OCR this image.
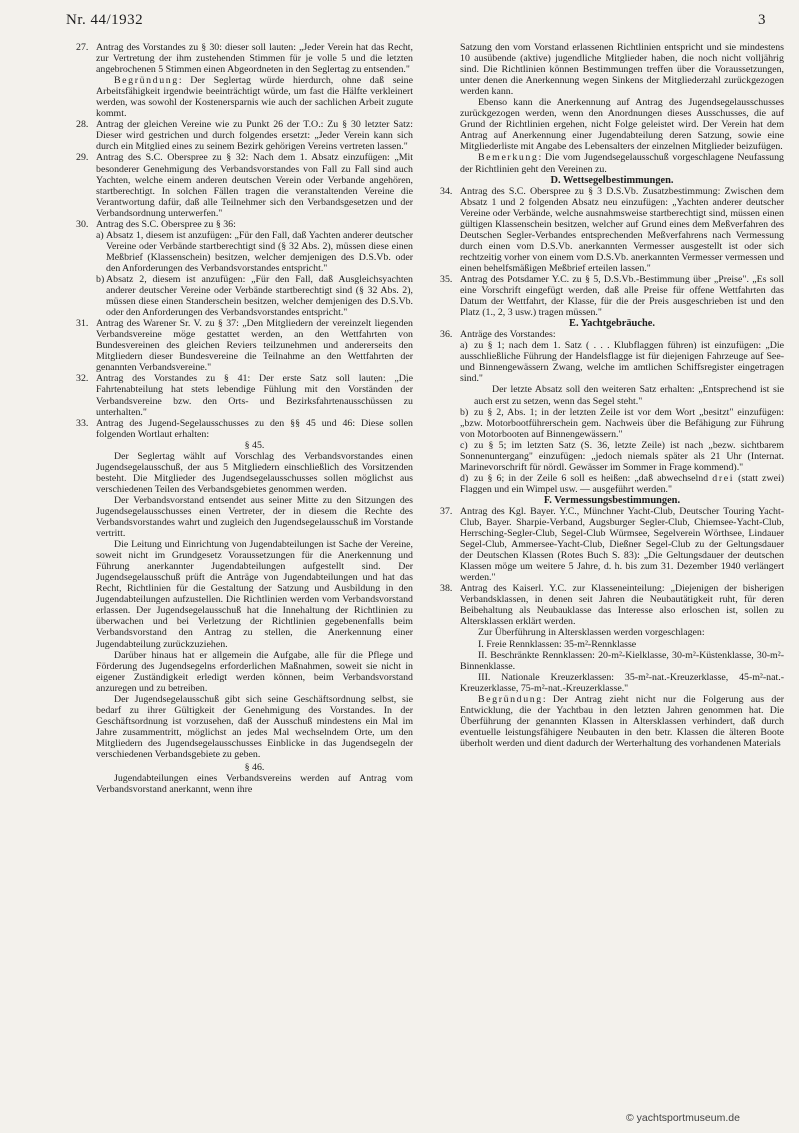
Nr. 44/1932	3

27. Antrag des Vorstandes zu § 30: dieser soll lauten: „Jeder Verein hat das Recht, zur Vertretung der ihm zustehenden Stimmen für je volle 5 und die letzten angebrochenen 5 Stimmen einen Abgeordneten in den Seglertag zu entsenden."

Begründung: Der Seglertag würde hierdurch, ohne daß seine Arbeitsfähigkeit irgendwie beeinträchtigt würde, um fast die Hälfte verkleinert werden, was sowohl der Kostenersparnis wie auch der sachlichen Arbeit zugute kommt.

28. Antrag der gleichen Vereine wie zu Punkt 26 der T.O.: Zu § 30 letzter Satz: Dieser wird gestrichen und durch folgendes ersetzt: „Jeder Verein kann sich durch ein Mitglied eines zu seinem Bezirk gehörigen Vereins vertreten lassen."

29. Antrag des S.C. Oberspree zu § 32: Nach dem 1. Absatz einzufügen: „Mit besonderer Genehmigung des Verbandsvorstandes von Fall zu Fall sind auch Yachten, welche einem anderen deutschen Verein oder Verbande angehören, startberechtigt. In solchen Fällen tragen die veranstaltenden Vereine die Verantwortung dafür, daß alle Teilnehmer sich den Verbandsgesetzen und der Verbandsordnung unterwerfen."

30. Antrag des S.C. Oberspree zu § 36:

a) Absatz 1, diesem ist anzufügen: „Für den Fall, daß Yachten anderer deutscher Vereine oder Verbände startberechtigt sind (§ 32 Abs. 2), müssen diese einen Meßbrief (Klassenschein) besitzen, welcher demjenigen des D.S.Vb. oder den Anforderungen des Verbandsvorstandes entspricht."

b) Absatz 2, diesem ist anzufügen: „Für den Fall, daß Ausgleichsyachten anderer deutscher Vereine oder Verbände startberechtigt sind (§ 32 Abs. 2), müssen diese einen Standerschein besitzen, welcher demjenigen des D.S.Vb. oder den Anforderungen des Verbandsvorstandes entspricht."

31. Antrag des Warener Sr. V. zu § 37: „Den Mitgliedern der vereinzelt liegenden Verbandsvereine möge gestattet werden, an den Wettfahrten von Bundesvereinen des gleichen Reviers teilzunehmen und andererseits den Mitgliedern dieser Bundesvereine die Teilnahme an den Wettfahrten der genannten Verbandsvereine."

32. Antrag des Vorstandes zu § 41: Der erste Satz soll lauten: „Die Fahrtenabteilung hat stets lebendige Fühlung mit den Vorständen der Verbandsvereine bzw. den Orts- und Bezirksfahrtenausschüssen zu unterhalten."

33. Antrag des Jugend-Segelausschusses zu den §§ 45 und 46: Diese sollen folgenden Wortlaut erhalten:

§ 45.

Der Seglertag wählt auf Vorschlag des Verbandsvorstandes einen Jugendsegelausschuß, der aus 5 Mitgliedern einschließlich des Vorsitzenden besteht. Die Mitglieder des Jugendsegelausschusses sollen möglichst aus verschiedenen Teilen des Verbandsgebietes genommen werden.

Der Verbandsvorstand entsendet aus seiner Mitte zu den Sitzungen des Jugendsegelausschusses einen Vertreter, der in diesem die Rechte des Verbandsvorstandes wahrt und zugleich den Jugendsegelausschuß im Vorstande vertritt.

Die Leitung und Einrichtung von Jugendabteilungen ist Sache der Vereine, soweit nicht im Grundgesetz Voraussetzungen für die Anerkennung und Führung anerkannter Jugendabteilungen aufgestellt sind. Der Jugendsegelausschuß prüft die Anträge von Jugendabteilungen und hat das Recht, Richtlinien für die Gestaltung der Satzung und Ausbildung in den Jugendabteilungen aufzustellen. Die Richtlinien werden vom Verbandsvorstand erlassen. Der Jugendsegelausschuß hat die Innehaltung der Richtlinien zu überwachen und bei Verletzung der Richtlinien gegebenenfalls beim Verbandsvorstand den Antrag zu stellen, die Anerkennung einer Jugendabteilung zurückzuziehen.

Darüber hinaus hat er allgemein die Aufgabe, alle für die Pflege und Förderung des Jugendsegelns erforderlichen Maßnahmen, soweit sie nicht in eigener Zuständigkeit erledigt werden können, beim Verbandsvorstand anzuregen und zu betreiben.

Der Jugendsegelausschuß gibt sich seine Geschäftsordnung selbst, sie bedarf zu ihrer Gültigkeit der Genehmigung des Vorstandes. In der Geschäftsordnung ist vorzusehen, daß der Ausschuß mindestens ein Mal im Jahre zusammentritt, möglichst an jedes Mal wechselndem Orte, um den Mitgliedern des Jugendsegelausschusses Einblicke in das Jugendsegeln der verschiedenen Verbandsgebiete zu geben.

§ 46.

Jugendabteilungen eines Verbandsvereins werden auf Antrag vom Verbandsvorstand anerkannt, wenn ihre

Satzung den vom Vorstand erlassenen Richtlinien entspricht und sie mindestens 10 ausübende (aktive) jugendliche Mitglieder haben, die noch nicht volljährig sind. Die Richtlinien können Bestimmungen treffen über die Voraussetzungen, unter denen die Anerkennung wegen Sinkens der Mitgliederzahl zurückgezogen werden kann.

Ebenso kann die Anerkennung auf Antrag des Jugendsegelausschusses zurückgezogen werden, wenn den Anordnungen dieses Ausschusses, die auf Grund der Richtlinien ergehen, nicht Folge geleistet wird. Der Verein hat dem Antrag auf Anerkennung einer Jugendabteilung deren Satzung, sowie eine Mitgliederliste mit Angabe des Lebensalters der einzelnen Mitglieder beizufügen.

Bemerkung: Die vom Jugendsegelausschuß vorgeschlagene Neufassung der Richtlinien geht den Vereinen zu.

D. Wettsegelbestimmungen.

34. Antrag des S.C. Oberspree zu § 3 D.S.Vb. Zusatzbestimmung: Zwischen dem Absatz 1 und 2 folgenden Absatz neu einzufügen: „Yachten anderer deutscher Vereine oder Verbände, welche ausnahmsweise startberechtigt sind, müssen einen gültigen Klassenschein besitzen, welcher auf Grund eines dem Meßverfahren des Deutschen Segler-Verbandes entsprechenden Meßverfahrens nach Vermessung durch einen vom D.S.Vb. anerkannten Vermesser ausgestellt ist oder sich rechtzeitig vorher von einem vom D.S.Vb. anerkannten Vermesser vermessen und einen behelfsmäßigen Meßbrief erteilen lassen."

35. Antrag des Potsdamer Y.C. zu § 5, D.S.Vb.-Bestimmung über „Preise". „Es soll eine Vorschrift eingefügt werden, daß alle Preise für offene Wettfahrten das Datum der Wettfahrt, der Klasse, für die der Preis ausgeschrieben ist und den Platz (1., 2, 3 usw.) tragen müssen."

E. Yachtgebräuche.

36. Anträge des Vorstandes:

a) zu § 1; nach dem 1. Satz ( . . . Klubflaggen führen) ist einzufügen: „Die ausschließliche Führung der Handelsflagge ist für diejenigen Fahrzeuge auf See- und Binnengewässern Zwang, welche im amtlichen Schiffsregister eingetragen sind."

Der letzte Absatz soll den weiteren Satz erhalten: „Entsprechend ist sie auch erst zu setzen, wenn das Segel steht."

b) zu § 2, Abs. 1; in der letzten Zeile ist vor dem Wort „besitzt" einzufügen: „bzw. Motorbootführerschein gem. Nachweis über die Befähigung zur Führung von Motorbooten auf Binnengewässern."

c) zu § 5; im letzten Satz (S. 36, letzte Zeile) ist nach „bezw. sichtbarem Sonnenuntergang" einzufügen: „jedoch niemals später als 21 Uhr (Internat. Marinevorschrift für nördl. Gewässer im Sommer in Frage kommend)."

d) zu § 6; in der Zeile 6 soll es heißen: „daß abwechselnd drei (statt zwei) Flaggen und ein Wimpel usw. — ausgeführt werden."

F. Vermessungsbestimmungen.

37. Antrag des Kgl. Bayer. Y.C., Münchner Yacht-Club, Deutscher Touring Yacht-Club, Bayer. Sharpie-Verband, Augsburger Segler-Club, Chiemsee-Yacht-Club, Herrsching-Segler-Club, Segel-Club Würmsee, Segelverein Wörthsee, Lindauer Segel-Club, Ammersee-Yacht-Club, Dießner Segel-Club zu der Geltungsdauer der Deutschen Klassen (Rotes Buch S. 83): „Die Geltungsdauer der deutschen Klassen möge um weitere 5 Jahre, d. h. bis zum 31. Dezember 1940 verlängert werden."

38. Antrag des Kaiserl. Y.C. zur Klasseneinteilung: „Diejenigen der bisherigen Verbandsklassen, in denen seit Jahren die Neubautätigkeit ruht, für deren Beibehaltung als Neubauklasse das Interesse also erloschen ist, sollen zu Altersklassen erklärt werden.

Zur Überführung in Altersklassen werden vorgeschlagen:

I. Freie Rennklassen: 35-m²-Rennklasse

II. Beschränkte Rennklassen: 20-m²-Kielklasse, 30-m²-Küstenklasse, 30-m²-Binnenklasse.

III. Nationale Kreuzerklassen: 35-m²-nat.-Kreuzerklasse, 45-m²-nat.-Kreuzerklasse, 75-m²-nat.-Kreuzerklasse."

Begründung: Der Antrag zieht nicht nur die Folgerung aus der Entwicklung, die der Yachtbau in den letzten Jahren genommen hat. Die Überführung der genannten Klassen in Altersklassen verhindert, daß durch eventuelle leistungsfähigere Neubauten in den betr. Klassen die älteren Boote überholt werden und dient dadurch der Werterhaltung des vorhandenen Materials

© yachtsportmuseum.de
